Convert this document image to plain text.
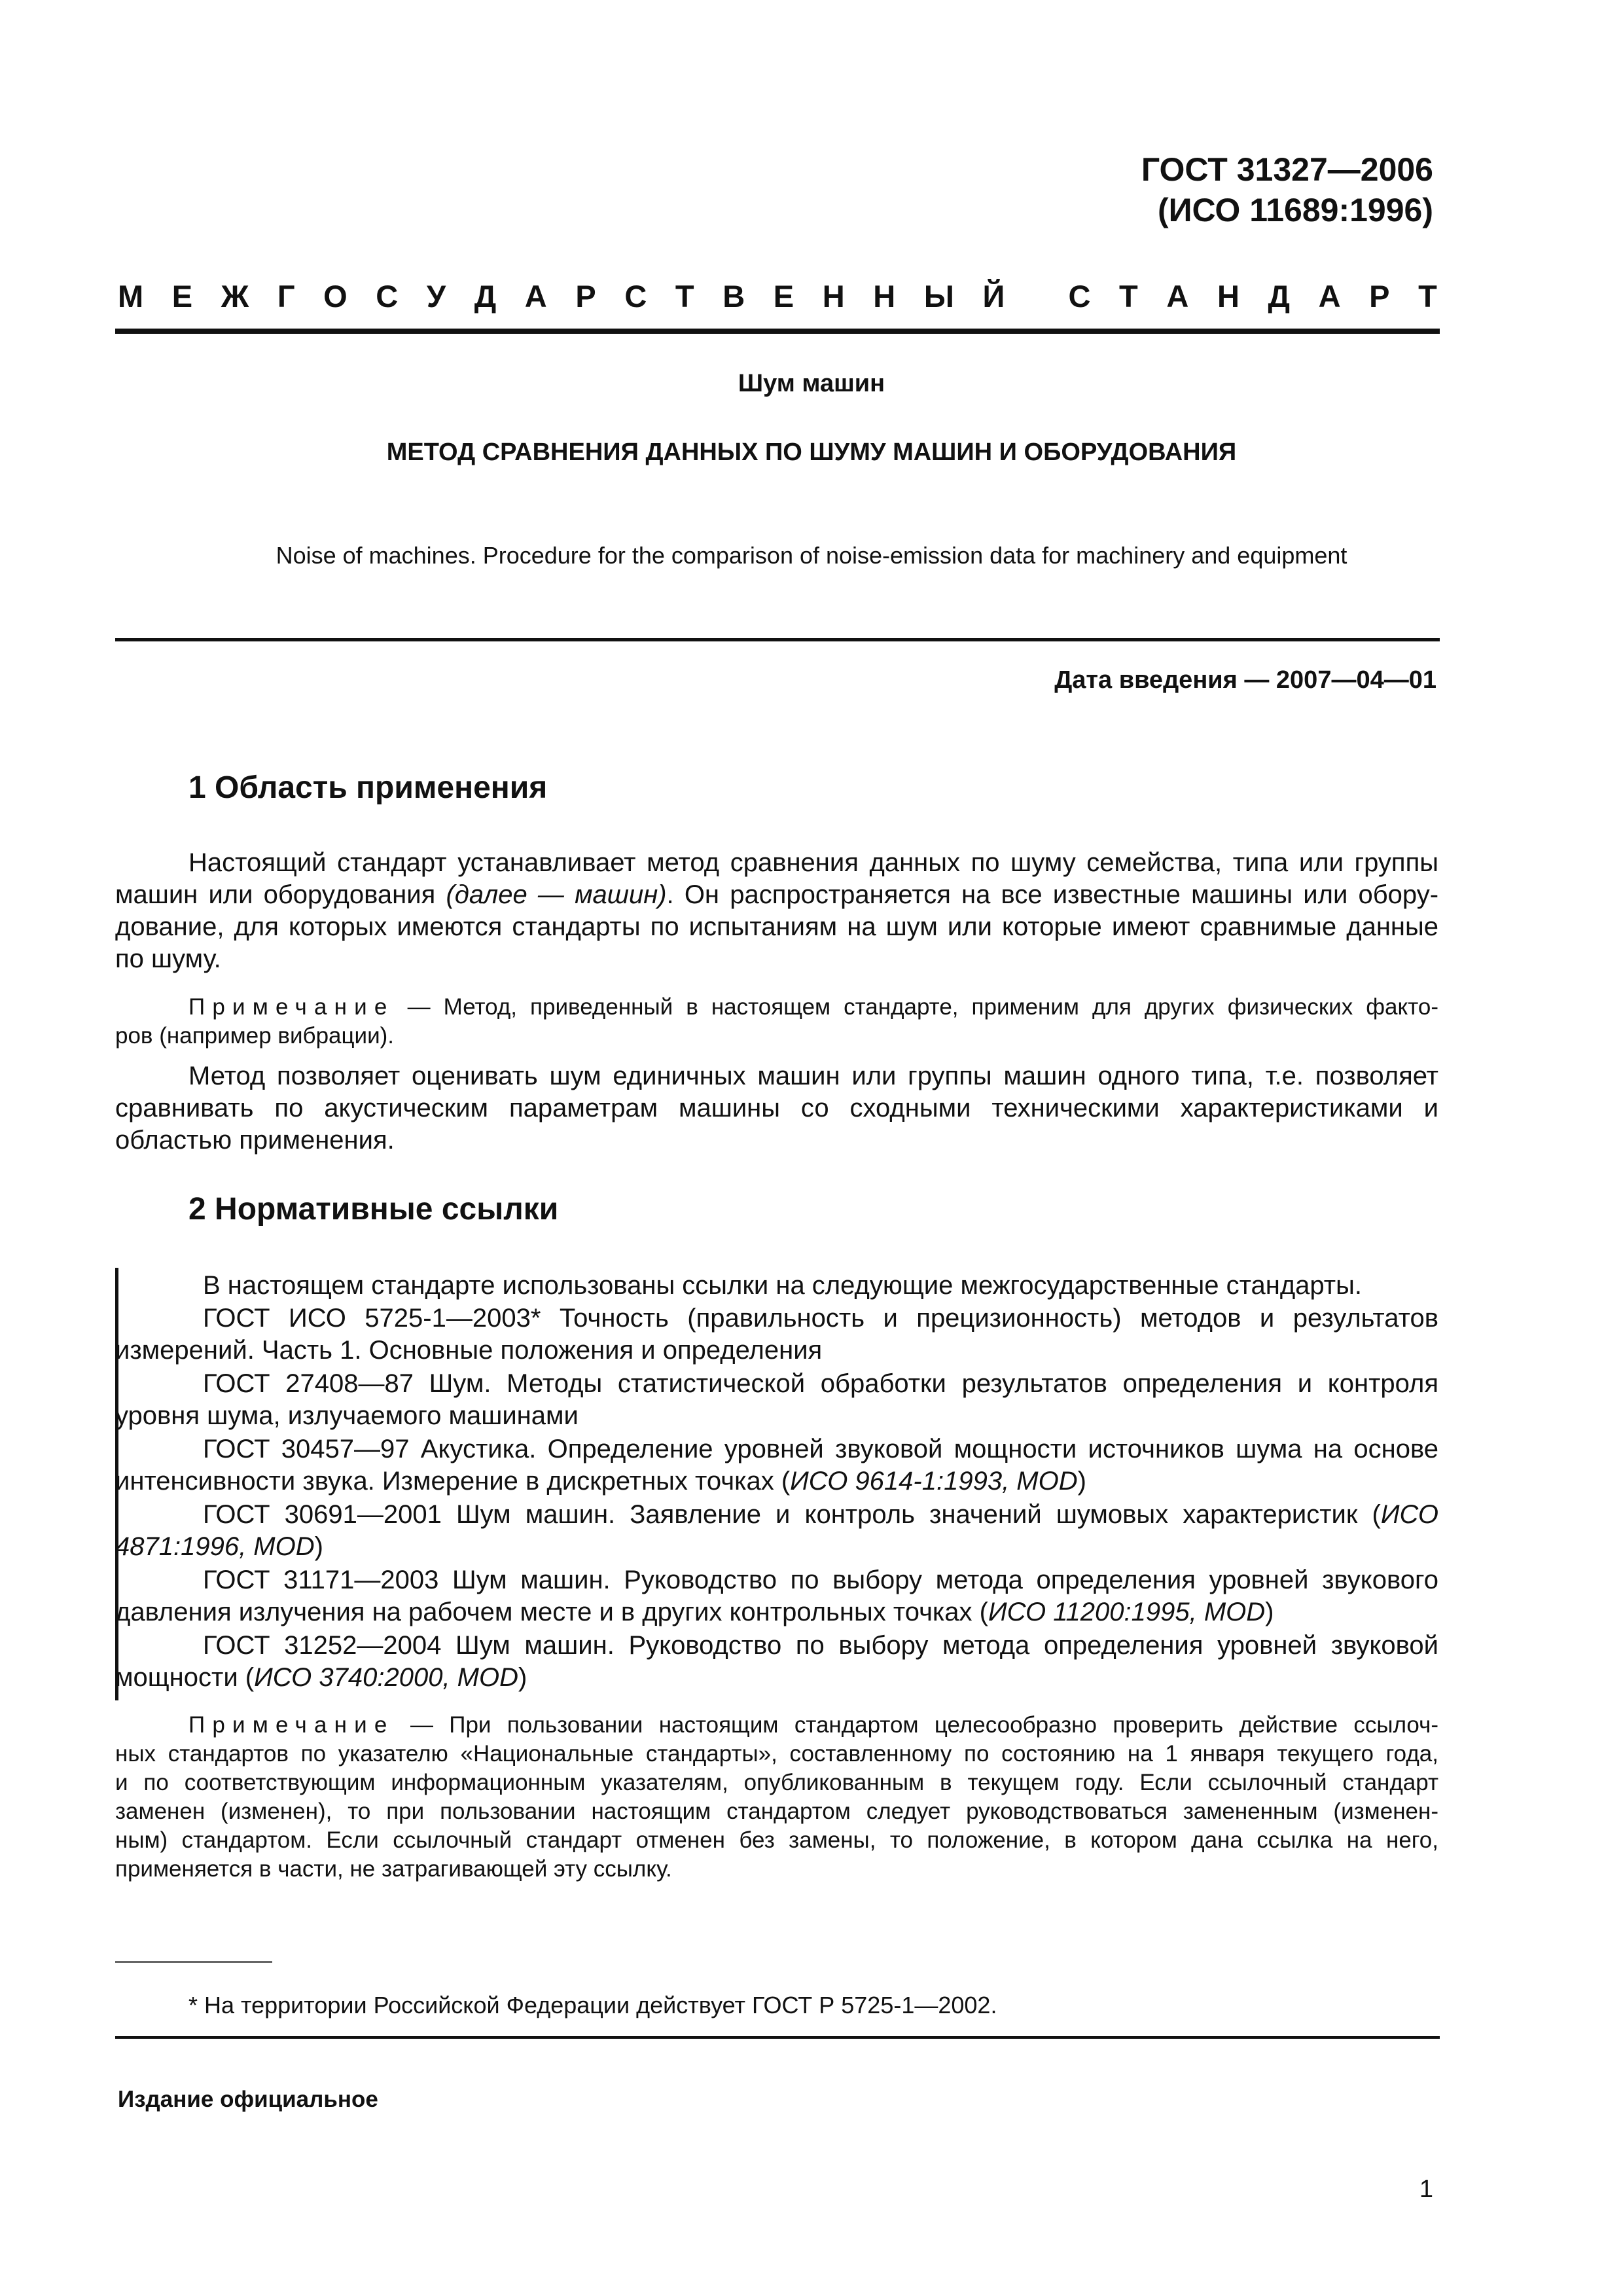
ГОСТ 31327—2006
(ИСО 11689:1996)
М Е Ж Г О С У Д А Р С Т В Е Н Н Ы Й С Т А Н Д А Р Т
Шум машин
МЕТОД СРАВНЕНИЯ ДАННЫХ ПО ШУМУ МАШИН И ОБОРУДОВАНИЯ
Noise of machines. Procedure for the comparison of noise-emission data for machinery and equipment
Дата введения — 2007—04—01
1 Область применения
Настоящий стандарт устанавливает метод сравнения данных по шуму семейства, типа или группы
машин или оборудования (далее — машин). Он распространяется на все известные машины или обору-
дование, для которых имеются стандарты по испытаниям на шум или которые имеют сравнимые данные
по шуму.
Примечание — Метод, приведенный в настоящем стандарте, применим для других физических факто-
ров (например вибрации).
Метод позволяет оценивать шум единичных машин или группы машин одного типа, т.е. позволяет
сравнивать по акустическим параметрам машины со сходными техническими характеристиками и
областью применения.
2 Нормативные ссылки
В настоящем стандарте использованы ссылки на следующие межгосударственные стандарты.
ГОСТ ИСО 5725-1—2003* Точность (правильность и прецизионность) методов и результатов
измерений. Часть 1. Основные положения и определения
ГОСТ 27408—87 Шум. Методы статистической обработки результатов определения и контроля
уровня шума, излучаемого машинами
ГОСТ 30457—97 Акустика. Определение уровней звуковой мощности источников шума на основе
интенсивности звука. Измерение в дискретных точках (ИСО 9614-1:1993, MOD)
ГОСТ 30691—2001 Шум машин. Заявление и контроль значений шумовых характеристик (ИСО
4871:1996, MOD)
ГОСТ 31171—2003 Шум машин. Руководство по выбору метода определения уровней звукового
давления излучения на рабочем месте и в других контрольных точках (ИСО 11200:1995, MOD)
ГОСТ 31252—2004 Шум машин. Руководство по выбору метода определения уровней звуковой
мощности (ИСО 3740:2000, MOD)
Примечание — При пользовании настоящим стандартом целесообразно проверить действие ссылоч-
ных стандартов по указателю «Национальные стандарты», составленному по состоянию на 1 января текущего года,
и по соответствующим информационным указателям, опубликованным в текущем году. Если ссылочный стандарт
заменен (изменен), то при пользовании настоящим стандартом следует руководствоваться замененным (изменен-
ным) стандартом. Если ссылочный стандарт отменен без замены, то положение, в котором дана ссылка на него,
применяется в части, не затрагивающей эту ссылку.
* На территории Российской Федерации действует ГОСТ Р 5725-1—2002.
Издание официальное
1
